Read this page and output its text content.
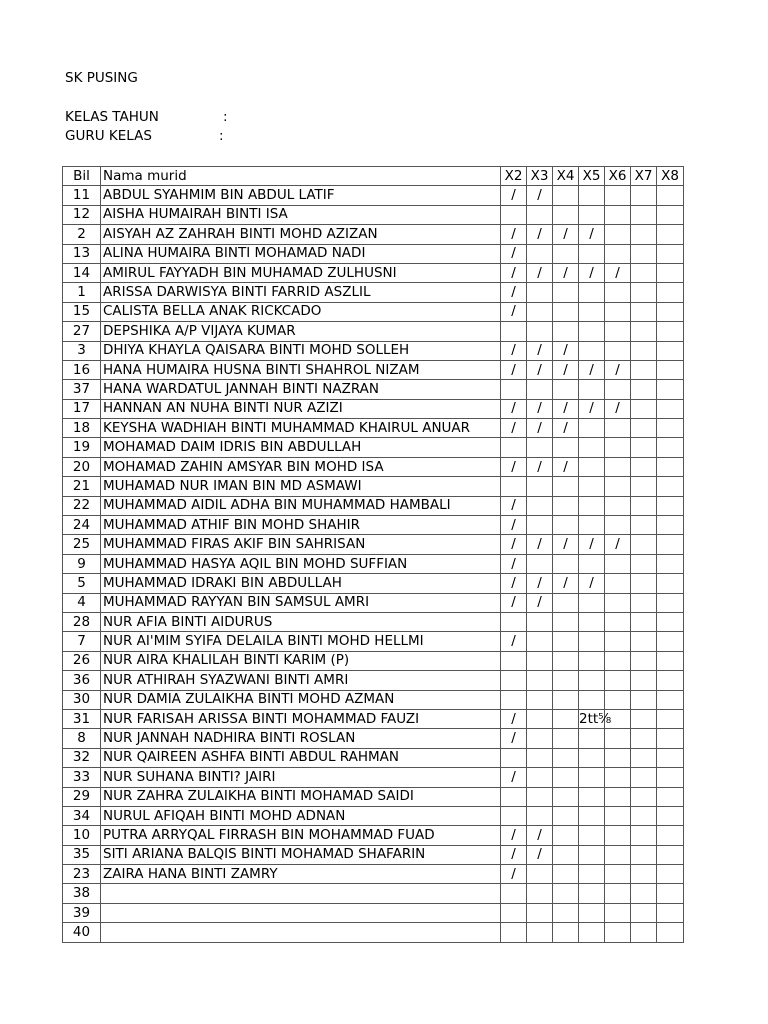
SK PUSING
KELAS TAHUN	:
GURU KELAS	:
Bil	Nama murid	X2	X3	X4	X5	X6	X7	X8
11	ABDUL SYAHMIM BIN ABDUL LATIF	/	/					
12	AISHA HUMAIRAH BINTI ISA							
2	AISYAH AZ ZAHRAH BINTI MOHD AZIZAN	/	/	/	/			
13	ALINA HUMAIRA BINTI MOHAMAD NADI	/						
14	AMIRUL FAYYADH BIN MUHAMAD ZULHUSNI	/	/	/	/	/		
1	ARISSA DARWISYA BINTI FARRID ASZLIL	/						
15	CALISTA BELLA ANAK RICKCADO	/						
27	DEPSHIKA A/P VIJAYA KUMAR							
3	DHIYA KHAYLA QAISARA BINTI MOHD SOLLEH	/	/	/				
16	HANA HUMAIRA HUSNA BINTI SHAHROL NIZAM	/	/	/	/	/		
37	HANA WARDATUL JANNAH BINTI NAZRAN							
17	HANNAN AN NUHA BINTI NUR AZIZI	/	/	/	/	/		
18	KEYSHA WADHIAH BINTI MUHAMMAD KHAIRUL ANUAR	/	/	/				
19	MOHAMAD DAIM IDRIS BIN ABDULLAH							
20	MOHAMAD ZAHIN AMSYAR BIN MOHD ISA	/	/	/				
21	MUHAMAD NUR IMAN BIN MD ASMAWI							
22	MUHAMMAD AIDIL ADHA BIN MUHAMMAD HAMBALI	/						
24	MUHAMMAD ATHIF BIN MOHD SHAHIR	/						
25	MUHAMMAD FIRAS AKIF BIN SAHRISAN	/	/	/	/	/		
9	MUHAMMAD HASYA AQIL BIN MOHD SUFFIAN	/						
5	MUHAMMAD IDRAKI BIN ABDULLAH	/	/	/	/			
4	MUHAMMAD RAYYAN BIN SAMSUL AMRI	/	/					
28	NUR AFIA BINTI AIDURUS							
7	NUR AI'MIM SYIFA DELAILA BINTI MOHD HELLMI	/						
26	NUR AIRA KHALILAH BINTI KARIM (P)							
36	NUR ATHIRAH SYAZWANI BINTI AMRI							
30	NUR DAMIA ZULAIKHA BINTI MOHD AZMAN							
31	NUR FARISAH ARISSA BINTI MOHAMMAD FAUZI	/			2tt⅝			
8	NUR JANNAH NADHIRA BINTI ROSLAN	/						
32	NUR QAIREEN ASHFA BINTI ABDUL RAHMAN							
33	NUR SUHANA BINTI? JAIRI	/						
29	NUR ZAHRA ZULAIKHA BINTI MOHAMAD SAIDI							
34	NURUL AFIQAH BINTI MOHD ADNAN							
10	PUTRA ARRYQAL FIRRASH BIN MOHAMMAD FUAD	/	/					
35	SITI ARIANA BALQIS BINTI MOHAMAD SHAFARIN	/	/					
23	ZAIRA HANA BINTI ZAMRY	/						
38								
39								
40								
